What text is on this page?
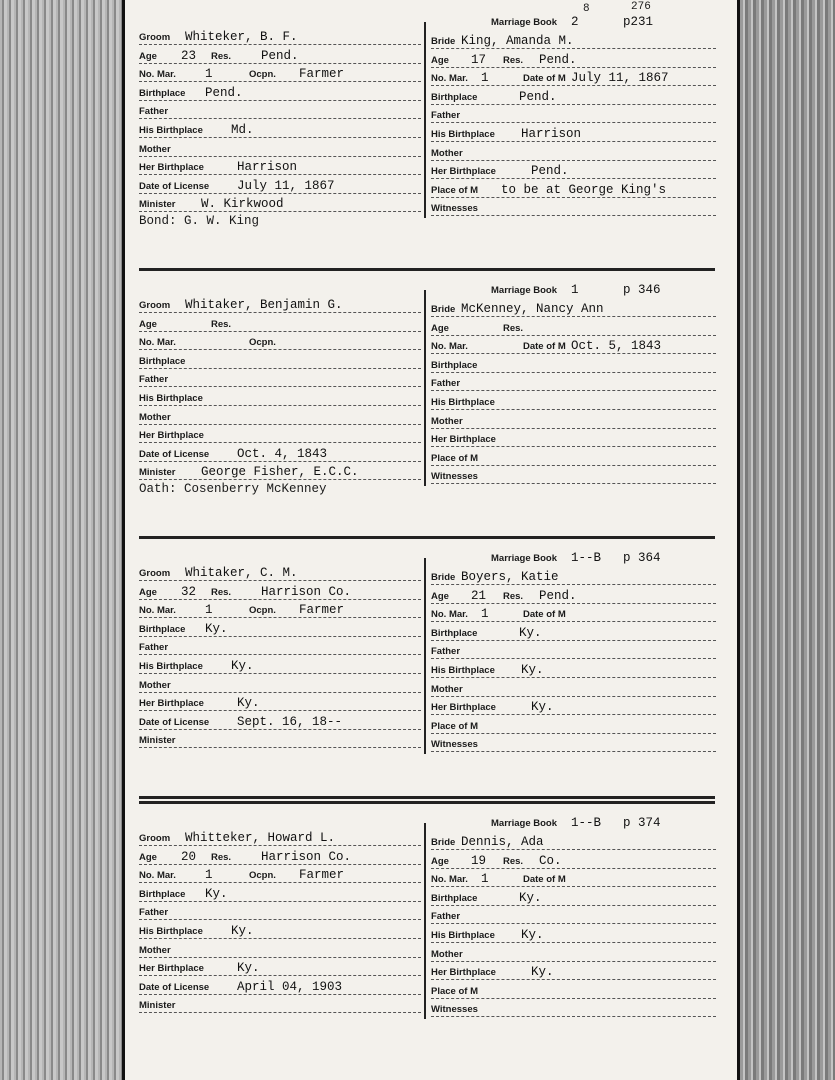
Groom Whiteker, B. F.
Age 23 Res. Pend.
No. Mar. 1	Ocpn. Farmer
Birthplace Pend.
Father
His Birthplace Md.
Mother
Her Birthplace	Harrison
Date of License July 11, 1867
Minister W. Kirkwood
Bond: G. W. King
Marriage Book 2	p231
276
8
Bride King, Amanda M.
Age 17 Res. Pend.
No. Mar. 1	Date of M July 11, 1867
Birthplace	Pend.
Father
His Birthplace Harrison
Mother
Her Birthplace	Pend.
Place of M to be at George King's
Witnesses
Groom Whitaker, Benjamin G.
Age	Res.
No. Mar.	Ocpn.
Birthplace
Father
His Birthplace
Mother
Her Birthplace
Date of License Oct. 4, 1843
Minister George Fisher, E.C.C.
Oath: Cosenberry McKenney
Marriage Book 1	p 346
Bride McKenney, Nancy Ann
Age	Res.
No. Mar.	Date of M Oct. 5, 1843
Birthplace
Father
His Birthplace
Mother
Her Birthplace
Place of M
Witnesses
Groom Whitaker, C. M.
Age 32 Res. Harrison Co.
No. Mar. 1	Ocpn. Farmer
Birthplace Ky.
Father
His Birthplace Ky.
Mother
Her Birthplace	Ky.
Date of License Sept. 16, 18--
Minister
Marriage Book 1--B p 364
Bride Boyers, Katie
Age 21 Res. Pend.
No. Mar. 1	Date of M
Birthplace	Ky.
Father
His Birthplace Ky.
Mother
Her Birthplace	Ky.
Place of M
Witnesses
Groom Whitteker, Howard L.
Age 20 Res. Harrison Co.
No. Mar. 1	Ocpn. Farmer
Birthplace Ky.
Father
His Birthplace Ky.
Mother
Her Birthplace	Ky.
Date of License April 04, 1903
Minister
Marriage Book 1--B p 374
Bride Dennis, Ada
Age 19 Res. Co.
No. Mar. 1	Date of M
Birthplace	Ky.
Father
His Birthplace Ky.
Mother
Her Birthplace	Ky.
Place of M
Witnesses
